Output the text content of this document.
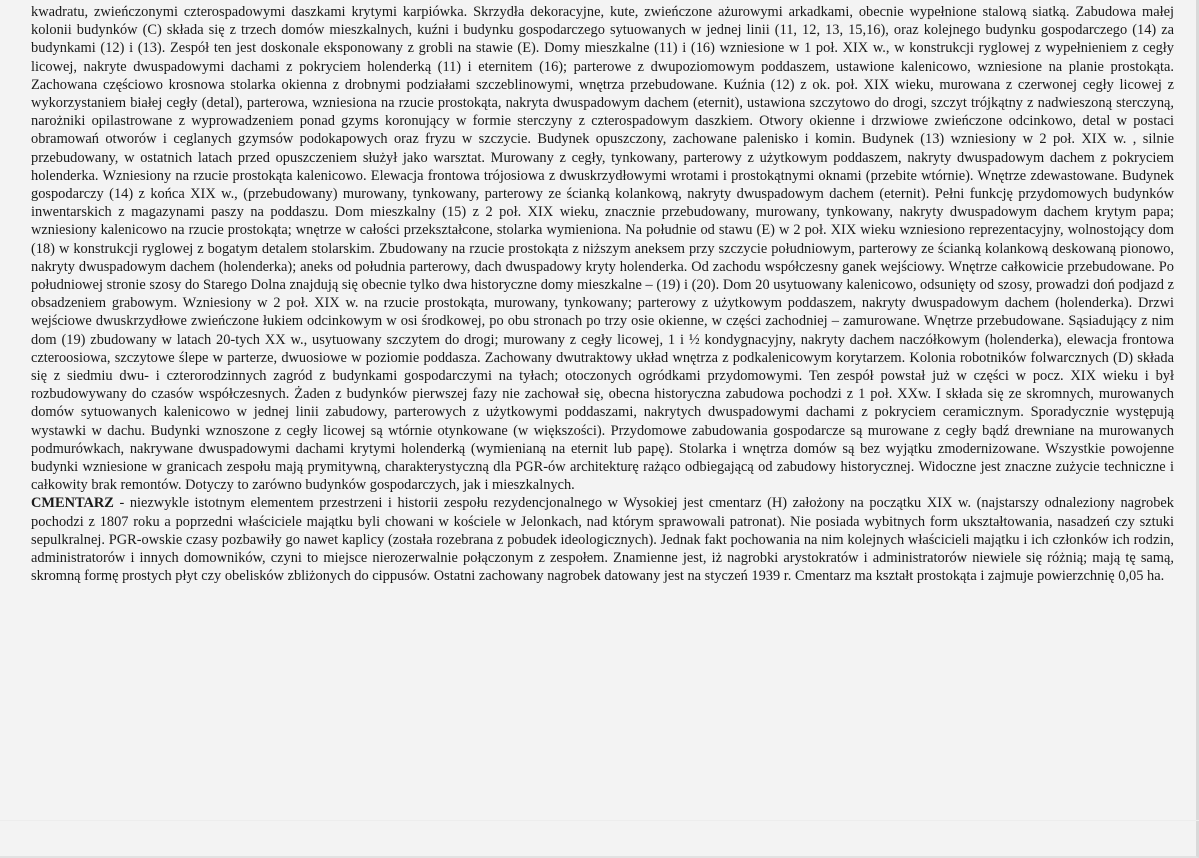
kwadratu, zwieńczonymi czterospadowymi daszkami krytymi karpiówka. Skrzydła dekoracyjne, kute, zwieńczone ażurowymi arkadkami, obecnie wypełnione stalową siatką. Zabudowa małej kolonii budynków (C) składa się z trzech domów mieszkalnych, kuźni i budynku gospodarczego sytuowanych w jednej linii (11, 12, 13, 15,16), oraz kolejnego budynku gospodarczego (14) za budynkami (12) i (13). Zespół ten jest doskonale eksponowany z grobli na stawie (E). Domy mieszkalne (11) i (16) wzniesione w 1 poł. XIX w., w konstrukcji ryglowej z wypełnieniem z cegły licowej, nakryte dwuspadowymi dachami z pokryciem holenderką (11) i eternitem (16); parterowe z dwupoziomowym poddaszem, ustawione kalenicowo, wzniesione na planie prostokąta. Zachowana częściowo krosnowa stolarka okienna z drobnymi podziałami szczeblinowymi, wnętrza przebudowane. Kuźnia (12) z ok. poł. XIX wieku, murowana z czerwonej cegły licowej z wykorzystaniem białej cegły (detal), parterowa, wzniesiona na rzucie prostokąta, nakryta dwuspadowym dachem (eternit), ustawiona szczytowo do drogi, szczyt trójkątny z nadwieszoną sterczyną, narożniki opilastrowane z wyprowadzeniem ponad gzyms koronujący w formie sterczyny z czterospadowym daszkiem. Otwory okienne i drzwiowe zwieńczone odcinkowo, detal w postaci obramowań otworów i ceglanych gzymsów podokapowych oraz fryzu w szczycie. Budynek opuszczony, zachowane palenisko i komin. Budynek (13) wzniesiony w 2 poł. XIX w. , silnie przebudowany, w ostatnich latach przed opuszczeniem służył jako warsztat. Murowany z cegły, tynkowany, parterowy z użytkowym poddaszem, nakryty dwuspadowym dachem z pokryciem holenderka. Wzniesiony na rzucie prostokąta kalenicowo. Elewacja frontowa trójosiowa z dwuskrzydłowymi wrotami i prostokątnymi oknami (przebite wtórnie). Wnętrze zdewastowane. Budynek gospodarczy (14) z końca XIX w., (przebudowany) murowany, tynkowany, parterowy ze ścianką kolankową, nakryty dwuspadowym dachem (eternit). Pełni funkcję przydomowych budynków inwentarskich z magazynami paszy na poddaszu. Dom mieszkalny (15) z 2 poł. XIX wieku, znacznie przebudowany, murowany, tynkowany, nakryty dwuspadowym dachem krytym papa; wzniesiony kalenicowo na rzucie prostokąta; wnętrze w całości przekształcone, stolarka wymieniona. Na południe od stawu (E) w 2 poł. XIX wieku wzniesiono reprezentacyjny, wolnostojący dom (18) w konstrukcji ryglowej z bogatym detalem stolarskim. Zbudowany na rzucie prostokąta z niższym aneksem przy szczycie południowym, parterowy ze ścianką kolankową deskowaną pionowo, nakryty dwuspadowym dachem (holenderka); aneks od południa parterowy, dach dwuspadowy kryty holenderka. Od zachodu współczesny ganek wejściowy. Wnętrze całkowicie przebudowane. Po południowej stronie szosy do Starego Dolna znajdują się obecnie tylko dwa historyczne domy mieszkalne – (19) i (20). Dom 20 usytuowany kalenicowo, odsunięty od szosy, prowadzi doń podjazd z obsadzeniem grabowym. Wzniesiony w 2 poł. XIX w. na rzucie prostokąta, murowany, tynkowany; parterowy z użytkowym poddaszem, nakryty dwuspadowym dachem (holenderka). Drzwi wejściowe dwuskrzydłowe zwieńczone łukiem odcinkowym w osi środkowej, po obu stronach po trzy osie okienne, w części zachodniej – zamurowane. Wnętrze przebudowane. Sąsiadujący z nim dom (19) zbudowany w latach 20-tych XX w., usytuowany szczytem do drogi; murowany z cegły licowej, 1 i ½ kondygnacyjny, nakryty dachem naczółkowym (holenderka), elewacja frontowa czteroosiowa, szczytowe ślepe w parterze, dwuosiowe w poziomie poddasza. Zachowany dwutraktowy układ wnętrza z podkalenicowym korytarzem. Kolonia robotników folwarcznych (D) składa się z siedmiu dwu- i czterorodzinnych zagród z budynkami gospodarczymi na tyłach; otoczonych ogródkami przydomowymi. Ten zespół powstał już w części w pocz. XIX wieku i był rozbudowywany do czasów współczesnych. Żaden z budynków pierwszej fazy nie zachował się, obecna historyczna zabudowa pochodzi z 1 poł. XXw. I składa się ze skromnych, murowanych domów sytuowanych kalenicowo w jednej linii zabudowy, parterowych z użytkowymi poddaszami, nakrytych dwuspadowymi dachami z pokryciem ceramicznym. Sporadycznie występują wystawki w dachu. Budynki wznoszone z cegły licowej są wtórnie otynkowane (w większości). Przydomowe zabudowania gospodarcze są murowane z cegły bądź drewniane na murowanych podmurówkach, nakrywane dwuspadowymi dachami krytymi holenderką (wymienianą na eternit lub papę). Stolarka i wnętrza domów są bez wyjątku zmodernizowane. Wszystkie powojenne budynki wzniesione w granicach zespołu mają prymitywną, charakterystyczną dla PGR-ów architekturę rażąco odbiegającą od zabudowy historycznej. Widoczne jest znaczne zużycie techniczne i całkowity brak remontów. Dotyczy to zarówno budynków gospodarczych, jak i mieszkalnych.

CMENTARZ - niezwykle istotnym elementem przestrzeni i historii zespołu rezydencjonalnego w Wysokiej jest cmentarz (H) założony na początku XIX w. (najstarszy odnaleziony nagrobek pochodzi z 1807 roku a poprzedni właściciele majątku byli chowani w kościele w Jelonkach, nad którym sprawowali patronat). Nie posiada wybitnych form ukształtowania, nasadzeń czy sztuki sepulkralnej. PGR-owskie czasy pozbawiły go nawet kaplicy (została rozebrana z pobudek ideologicznych). Jednak fakt pochowania na nim kolejnych właścicieli majątku i ich członków ich rodzin, administratorów i innych domowników, czyni to miejsce nierozerwalnie połączonym z zespołem. Znamienne jest, iż nagrobki arystokratów i administratorów niewiele się różnią; mają tę samą, skromną formę prostych płyt czy obelisków zbliżonych do cippusów. Ostatni zachowany nagrobek datowany jest na styczeń 1939 r. Cmentarz ma kształt prostokąta i zajmuje powierzchnię 0,05 ha.
